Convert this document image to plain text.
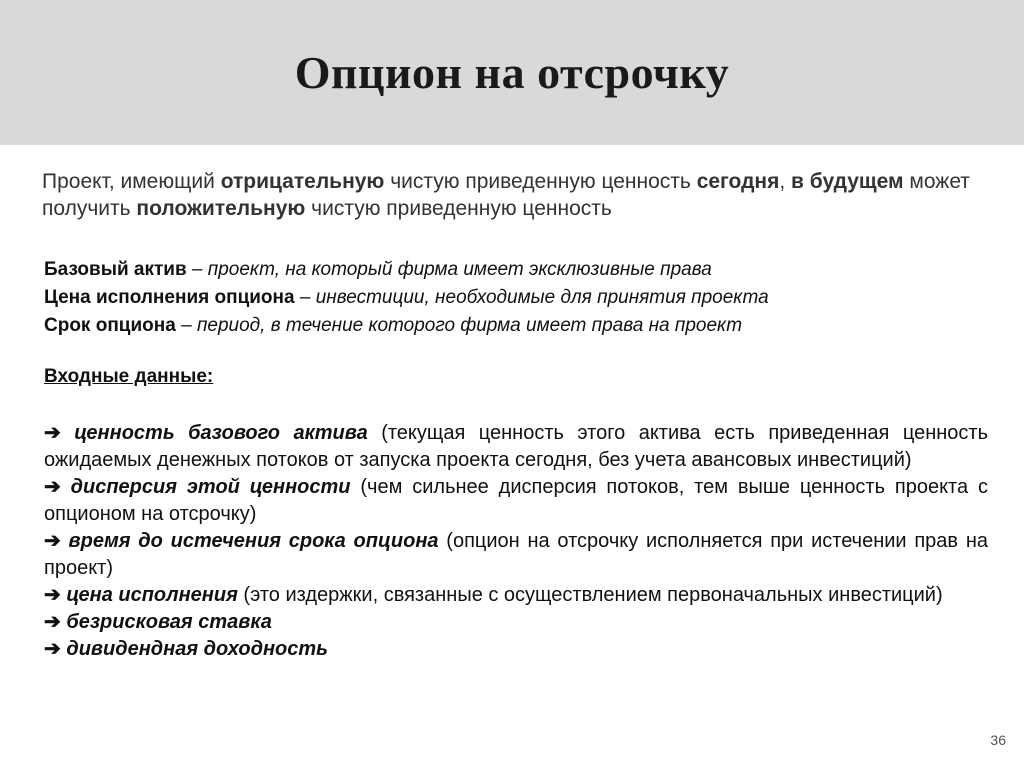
Опцион на отсрочку
Проект, имеющий отрицательную чистую приведенную ценность сегодня, в будущем может получить положительную чистую приведенную ценность
Базовый актив – проект, на который фирма имеет эксклюзивные права
Цена исполнения опциона – инвестиции, необходимые для принятия проекта
Срок опциона – период, в течение которого фирма имеет права на проект
Входные данные:
➔ ценность базового актива (текущая ценность этого актива есть приведенная ценность ожидаемых денежных потоков от запуска проекта сегодня, без учета авансовых инвестиций)
➔ дисперсия этой ценности (чем сильнее дисперсия потоков, тем выше ценность проекта с опционом на отсрочку)
➔ время до истечения срока опциона (опцион на отсрочку исполняется при истечении прав на проект)
➔ цена исполнения (это издержки, связанные с осуществлением первоначальных инвестиций)
➔ безрисковая ставка
➔ дивидендная доходность
36
